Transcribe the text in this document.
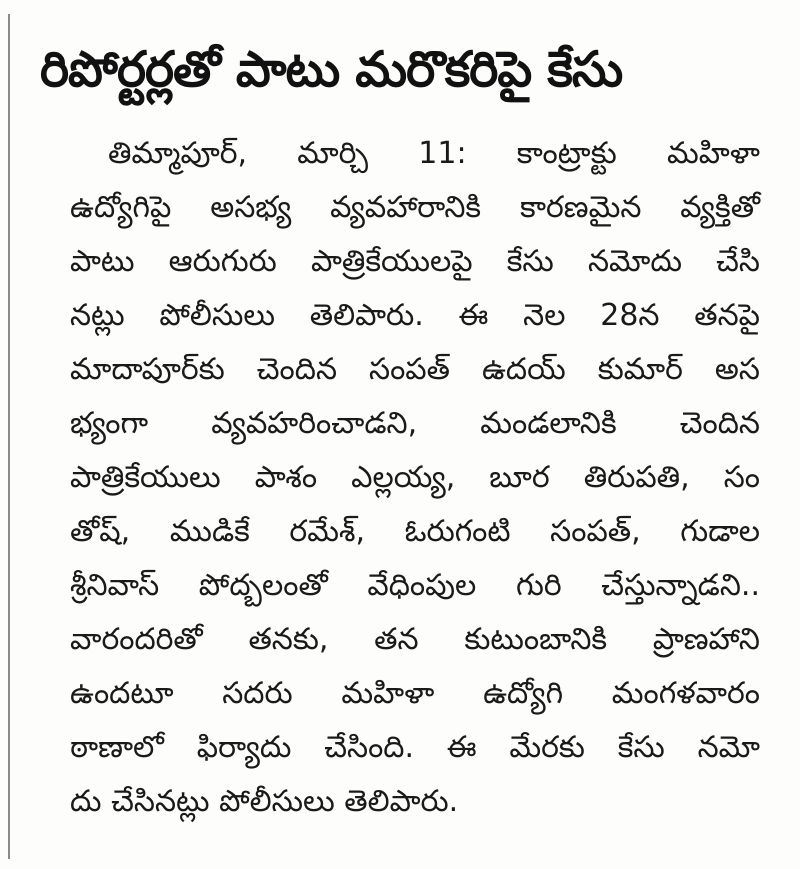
రిపోర్టర్లతో పాటు మరొకరిపై కేసు
తిమ్మాపూర్, మార్చి 11: కాంట్రాక్టు మహిళా
ఉద్యోగిపై అసభ్య వ్యవహారానికి కారణమైన వ్యక్తితో
పాటు ఆరుగురు పాత్రికేయులపై కేసు నమోదు చేసి
నట్లు పోలీసులు తెలిపారు. ఈ నెల 28న తనపై
మాదాపూర్‌కు చెందిన సంపత్ ఉదయ్ కుమార్ అస
భ్యంగా వ్యవహరించాడని, మండలానికి చెందిన
పాత్రికేయులు పాశం ఎల్లయ్య, బూర తిరుపతి, సం
తోష్, ముడికే రమేశ్, ఓరుగంటి సంపత్, గుడాల
శ్రీనివాస్ పోద్బలంతో వేధింపుల గురి చేస్తున్నాడని..
వారందరితో తనకు, తన కుటుంబానికి ప్రాణహాని
ఉందటూ సదరు మహిళా ఉద్యోగి మంగళవారం
ఠాణాలో ఫిర్యాదు చేసింది. ఈ మేరకు కేసు నమో
దు చేసినట్లు పోలీసులు తెలిపారు.
